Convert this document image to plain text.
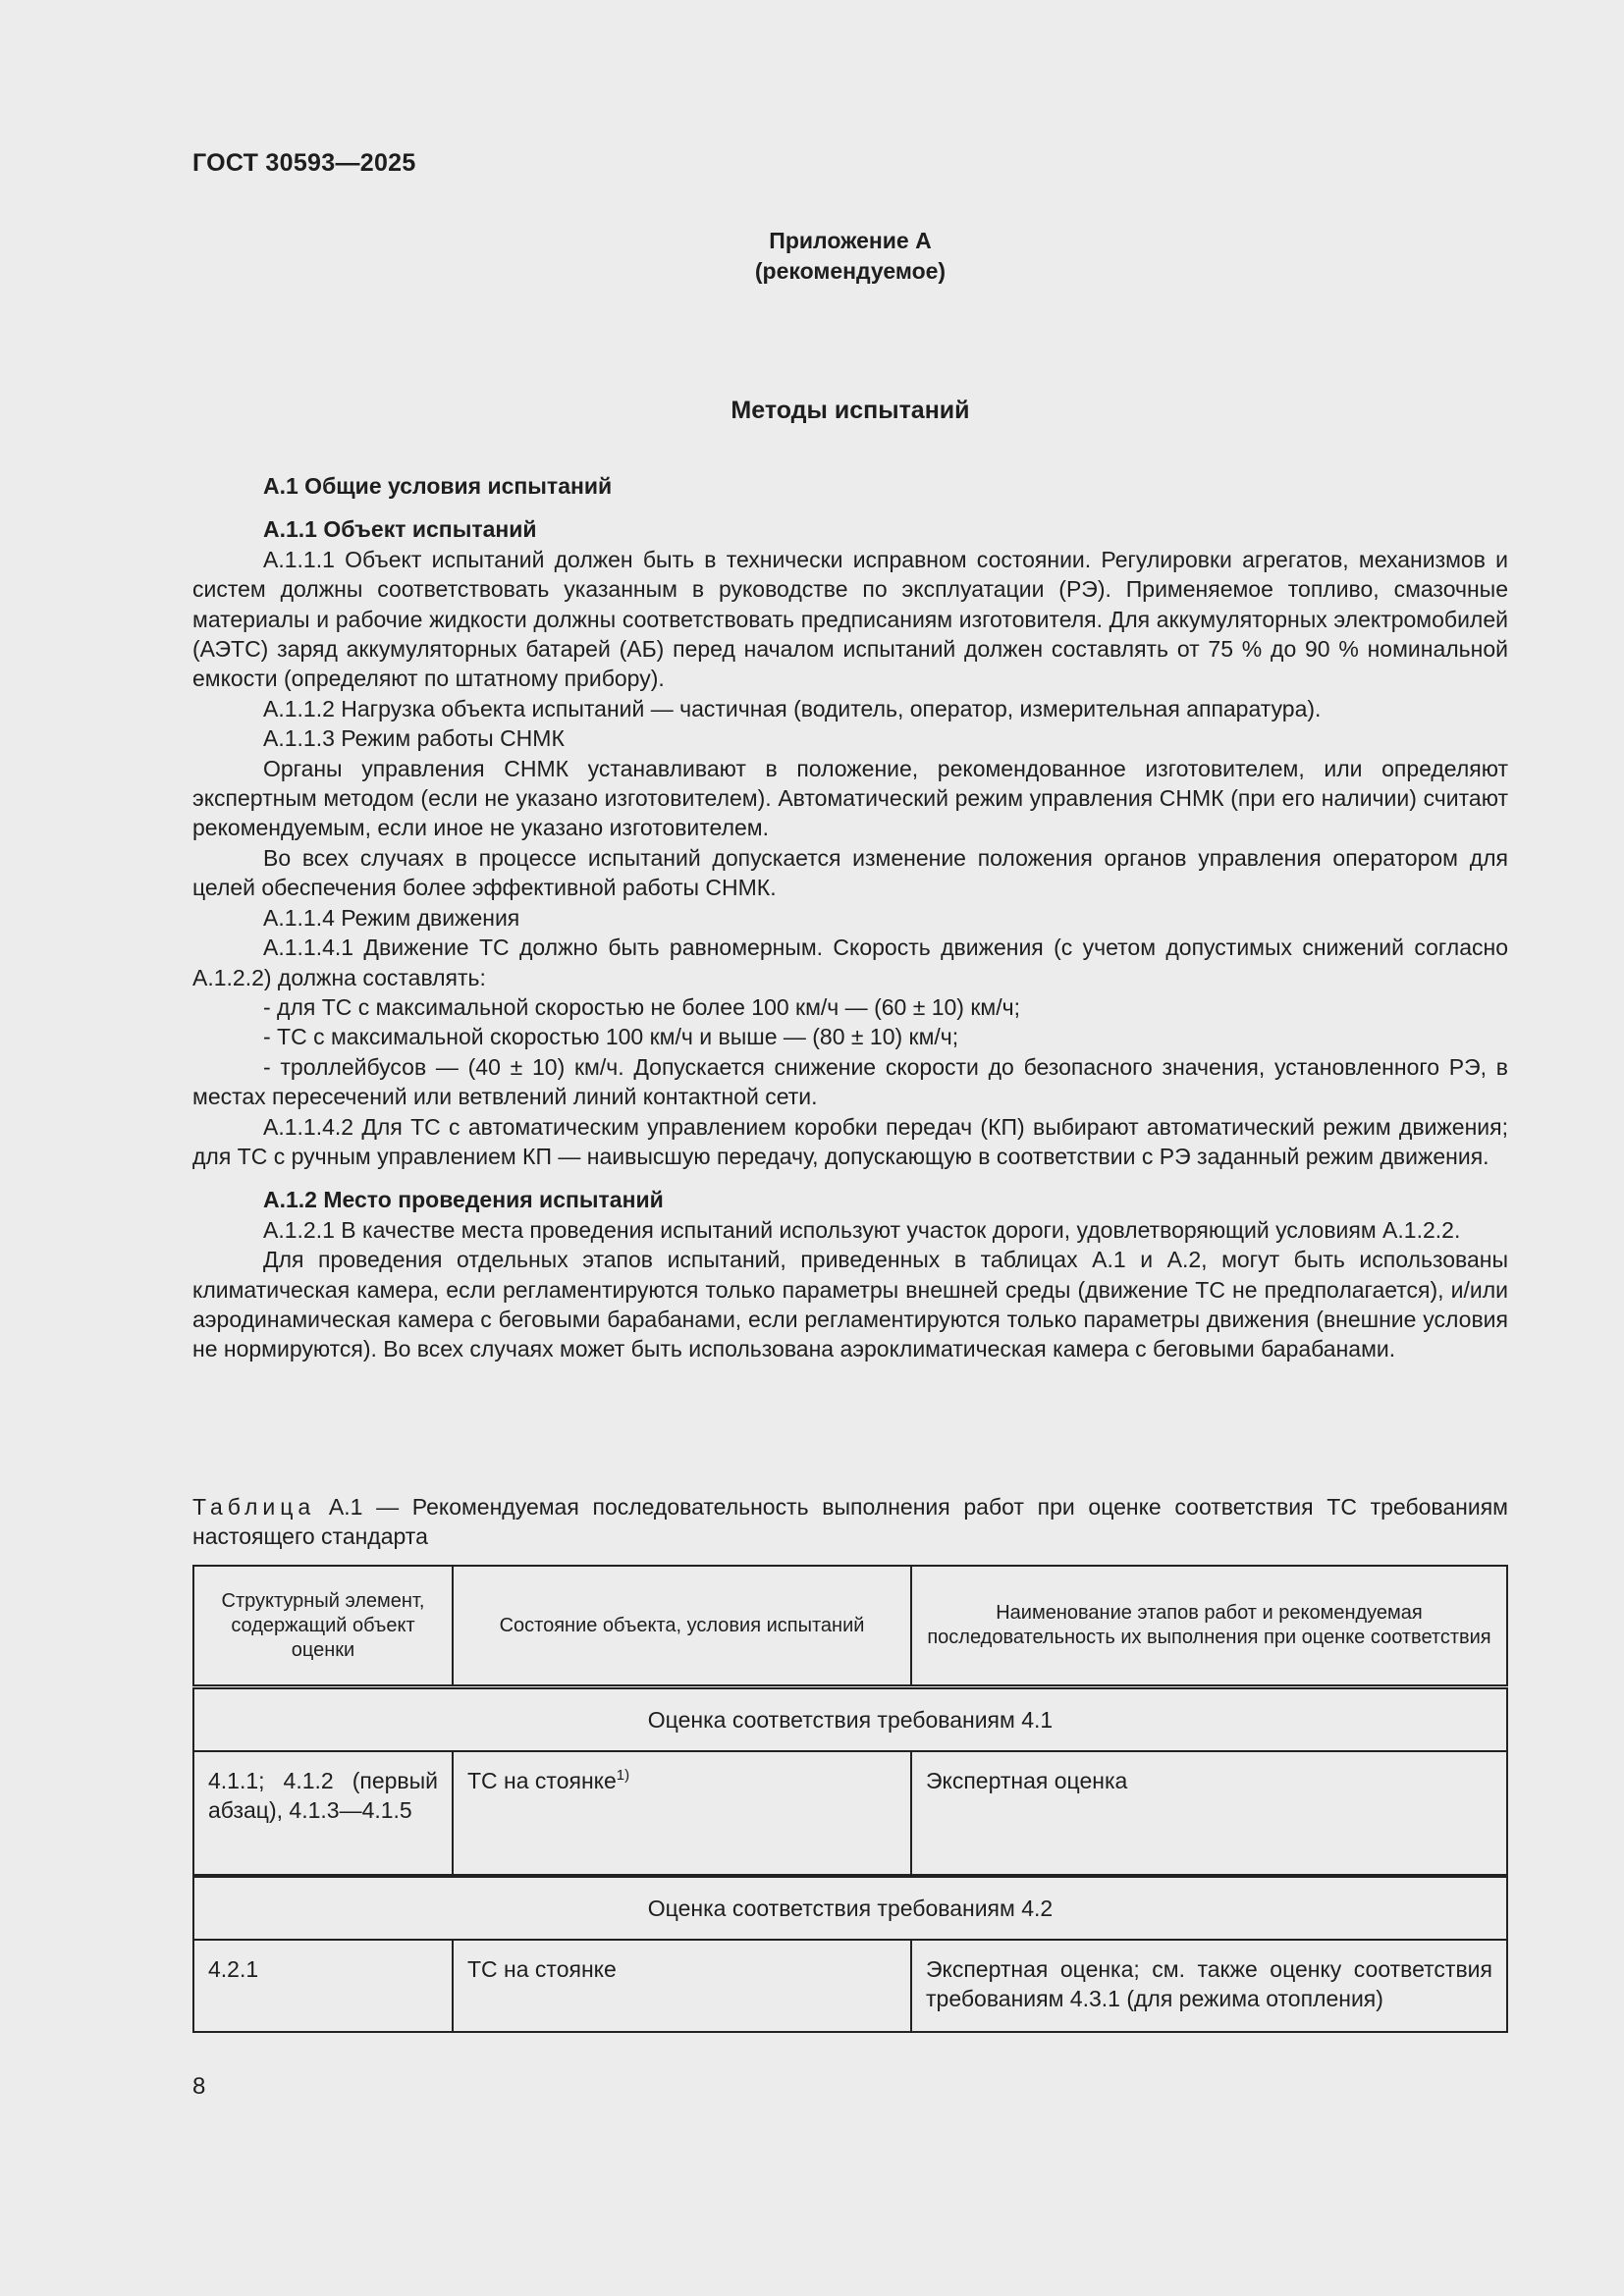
ГОСТ 30593—2025
Приложение А
(рекомендуемое)
Методы испытаний

А.1 Общие условия испытаний

А.1.1 Объект испытаний

А.1.1.1 Объект испытаний должен быть в технически исправном состоянии. Регулировки агрегатов, механизмов и систем должны соответствовать указанным в руководстве по эксплуатации (РЭ). Применяемое топливо, смазочные материалы и рабочие жидкости должны соответствовать предписаниям изготовителя. Для аккумуляторных электромобилей (АЭТС) заряд аккумуляторных батарей (АБ) перед началом испытаний должен составлять от 75 % до 90 % номинальной емкости (определяют по штатному прибору).

А.1.1.2 Нагрузка объекта испытаний — частичная (водитель, оператор, измерительная аппаратура).

А.1.1.3 Режим работы СНМК

Органы управления СНМК устанавливают в положение, рекомендованное изготовителем, или определяют экспертным методом (если не указано изготовителем). Автоматический режим управления СНМК (при его наличии) считают рекомендуемым, если иное не указано изготовителем.

Во всех случаях в процессе испытаний допускается изменение положения органов управления оператором для целей обеспечения более эффективной работы СНМК.

А.1.1.4 Режим движения

А.1.1.4.1 Движение ТС должно быть равномерным. Скорость движения (с учетом допустимых снижений согласно А.1.2.2) должна составлять:

- для ТС с максимальной скоростью не более 100 км/ч — (60 ± 10) км/ч;

- ТС с максимальной скоростью 100 км/ч и выше — (80 ± 10) км/ч;

- троллейбусов — (40 ± 10) км/ч. Допускается снижение скорости до безопасного значения, установленного РЭ, в местах пересечений или ветвлений линий контактной сети.

А.1.1.4.2 Для ТС с автоматическим управлением коробки передач (КП) выбирают автоматический режим движения; для ТС с ручным управлением КП — наивысшую передачу, допускающую в соответствии с РЭ заданный режим движения.

А.1.2 Место проведения испытаний

А.1.2.1 В качестве места проведения испытаний используют участок дороги, удовлетворяющий условиям А.1.2.2.

Для проведения отдельных этапов испытаний, приведенных в таблицах А.1 и А.2, могут быть использованы климатическая камера, если регламентируются только параметры внешней среды (движение ТС не предполагается), и/или аэродинамическая камера с беговыми барабанами, если регламентируются только параметры движения (внешние условия не нормируются). Во всех случаях может быть использована аэроклиматическая камера с беговыми барабанами.

Таблица А.1 — Рекомендуемая последовательность выполнения работ при оценке соответствия ТС требованиям настоящего стандарта
Структурный элемент, содержащий объект оценки	Состояние объекта, условия испытаний	Наименование этапов работ и рекомендуемая последовательность их выполнения при оценке соответствия
Оценка соответствия требованиям 4.1		
4.1.1; 4.1.2 (первый абзац), 4.1.3—4.1.5	ТС на стоянке$^{1)}$	Экспертная оценка
Оценка соответствия требованиям 4.2		
4.2.1	ТС на стоянке	Экспертная оценка; см. также оценку соответствия требованиям 4.3.1 (для режима отопления)
8
